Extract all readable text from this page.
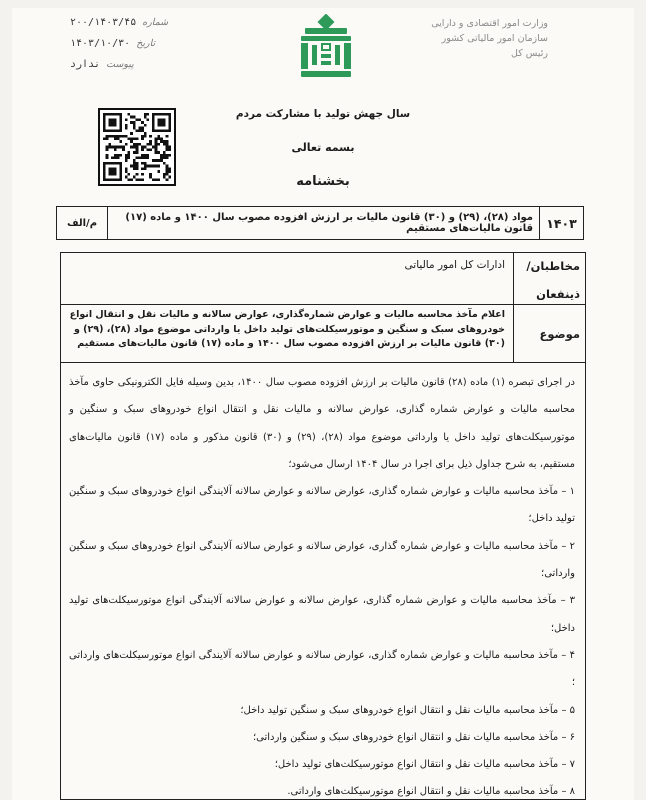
شماره
۲۰۰/۱۴۰۳/۴۵
تاریخ
۱۴۰۳/۱۰/۳۰
پیوست
ندارد
وزارت امور اقتصادی و دارایی
سازمان امور مالیاتی کشور
رئیس کل
سال جهش تولید با مشارکت مردم
بسمه تعالی
بخشنامه
۱۴۰۳
مواد (۲۸)، (۲۹) و (۳۰) قانون مالیات بر ارزش افزوده مصوب سال ۱۴۰۰ و ماده (۱۷) قانون مالیات‌های مستقیم
م/الف
مخاطبان/
ذینفعان
ادارات کل امور مالیاتی
موضوع
اعلام مآخذ محاسبه مالیات و عوارض شماره‌گذاری، عوارض سالانه و مالیات نقل و انتقال انواع خودروهای سبک و سنگین و موتورسیکلت‌های تولید داخل یا وارداتی موضوع مواد (۲۸)، (۲۹) و (۳۰) قانون مالیات بر ارزش افزوده مصوب سال ۱۴۰۰ و ماده (۱۷) قانون مالیات‌های مستقیم

در اجرای تبصره (۱) ماده (۲۸) قانون مالیات بر ارزش افزوده مصوب سال ۱۴۰۰، بدین وسیله فایل الکترونیکی حاوی مآخذ محاسبه مالیات و عوارض شماره گذاری، عوارض سالانه و مالیات نقل و انتقال انواع خودروهای سبک و سنگین و موتورسیکلت‌های تولید داخل یا وارداتی موضوع مواد (۲۸)، (۲۹) و (۳۰) قانون مذکور و ماده (۱۷) قانون مالیات‌های مستقیم، به شرح جداول ذیل برای اجرا در سال ۱۴۰۴ ارسال می‌شود؛

۱ – مآخذ محاسبه مالیات و عوارض شماره گذاری، عوارض سالانه و عوارض سالانه آلایندگی انواع خودروهای سبک و سنگین تولید داخل؛

۲ – مآخذ محاسبه مالیات و عوارض شماره گذاری، عوارض سالانه و عوارض سالانه آلایندگی انواع خودروهای سبک و سنگین وارداتی؛

۳ – مآخذ محاسبه مالیات و عوارض شماره گذاری، عوارض سالانه و عوارض سالانه آلایندگی انواع موتورسیکلت‌های تولید داخل؛

۴ – مآخذ محاسبه مالیات و عوارض شماره گذاری، عوارض سالانه و عوارض سالانه آلایندگی انواع موتورسیکلت‌های وارداتی ؛

۵ – مآخذ محاسبه مالیات نقل و انتقال انواع خودروهای سبک و سنگین تولید داخل؛

۶ – مآخذ محاسبه مالیات نقل و انتقال انواع خودروهای سبک و سنگین وارداتی؛

۷ – مآخذ محاسبه مالیات نقل و انتقال انواع موتورسیکلت‌های تولید داخل؛

۸ – مآخذ محاسبه مالیات نقل و انتقال انواع موتورسیکلت‌های وارداتی.
